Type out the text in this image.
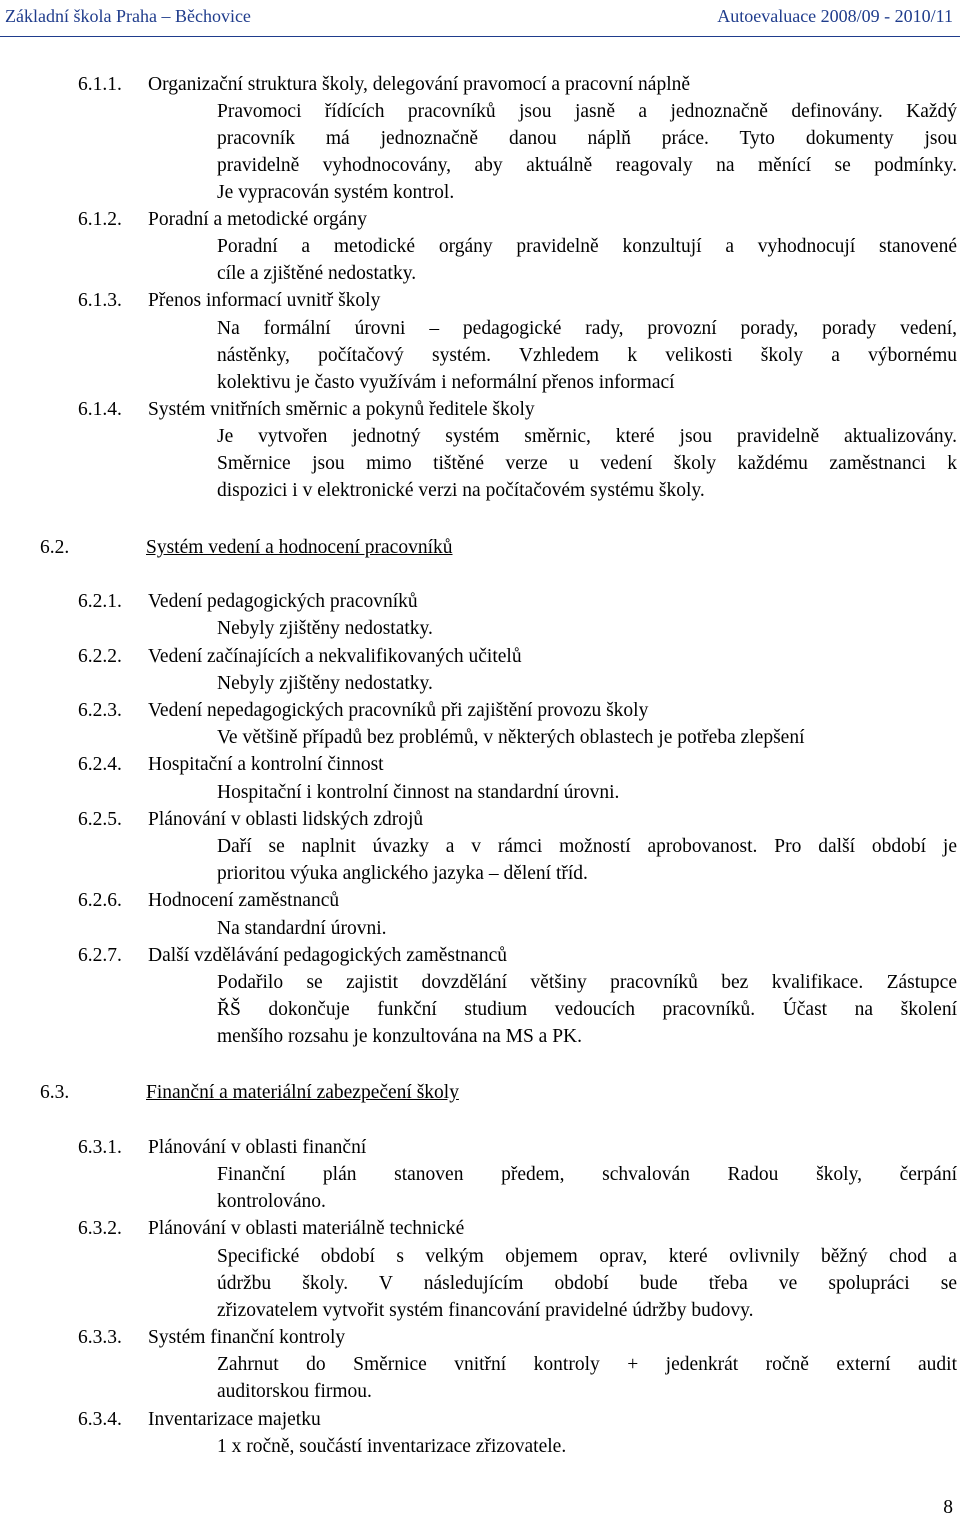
Základní škola Praha – Běchovice	Autoevaluace 2008/09 - 2010/11
6.1.1. Organizační struktura školy, delegování pravomocí a pracovní náplně
Pravomoci řídících pracovníků jsou jasně a jednoznačně definovány. Každý
pracovník má jednoznačně danou náplň práce. Tyto dokumenty jsou
pravidelně vyhodnocovány, aby aktuálně reagovaly na měnící se podmínky.
Je vypracován systém kontrol.
6.1.2. Poradní a metodické orgány
Poradní a metodické orgány pravidelně konzultují a vyhodnocují stanovené
cíle a zjištěné nedostatky.
6.1.3. Přenos informací uvnitř školy
Na formální úrovni – pedagogické rady, provozní porady, porady vedení,
nástěnky, počítačový systém. Vzhledem k velikosti školy a výbornému
kolektivu je často využívám i neformální přenos informací
6.1.4. Systém vnitřních směrnic a pokynů ředitele školy
Je vytvořen jednotný systém směrnic, které jsou pravidelně aktualizovány.
Směrnice jsou mimo tištěné verze u vedení školy každému zaměstnanci k
dispozici i v elektronické verzi na počítačovém systému školy.
6.2.	Systém vedení a hodnocení pracovníků
6.2.1. Vedení pedagogických pracovníků
Nebyly zjištěny nedostatky.
6.2.2. Vedení začínajících a nekvalifikovaných učitelů
Nebyly zjištěny nedostatky.
6.2.3. Vedení nepedagogických pracovníků při zajištění provozu školy
Ve většině případů bez problémů, v některých oblastech je potřeba zlepšení
6.2.4. Hospitační a kontrolní činnost
Hospitační i kontrolní činnost na standardní úrovni.
6.2.5. Plánování v oblasti lidských zdrojů
Daří se naplnit úvazky a v rámci možností aprobovanost. Pro další období je
prioritou výuka anglického jazyka – dělení tříd.
6.2.6. Hodnocení zaměstnanců
Na standardní úrovni.
6.2.7. Další vzdělávání pedagogických zaměstnanců
Podařilo se zajistit dovzdělání většiny pracovníků bez kvalifikace. Zástupce
ŘŠ dokončuje funkční studium vedoucích pracovníků. Účast na školení
menšího rozsahu je konzultována na MS a PK.
6.3.	Finanční a materiální zabezpečení školy
6.3.1. Plánování v oblasti finanční
Finanční plán stanoven předem, schvalován Radou školy, čerpání
kontrolováno.
6.3.2. Plánování v oblasti materiálně technické
Specifické období s velkým objemem oprav, které ovlivnily běžný chod a
údržbu školy. V následujícím období bude třeba ve spolupráci se
zřizovatelem vytvořit systém financování pravidelné údržby budovy.
6.3.3. Systém finanční kontroly
Zahrnut do Směrnice vnitřní kontroly + jedenkrát ročně externí audit
auditorskou firmou.
6.3.4. Inventarizace majetku
1 x ročně, součástí inventarizace zřizovatele.
8
